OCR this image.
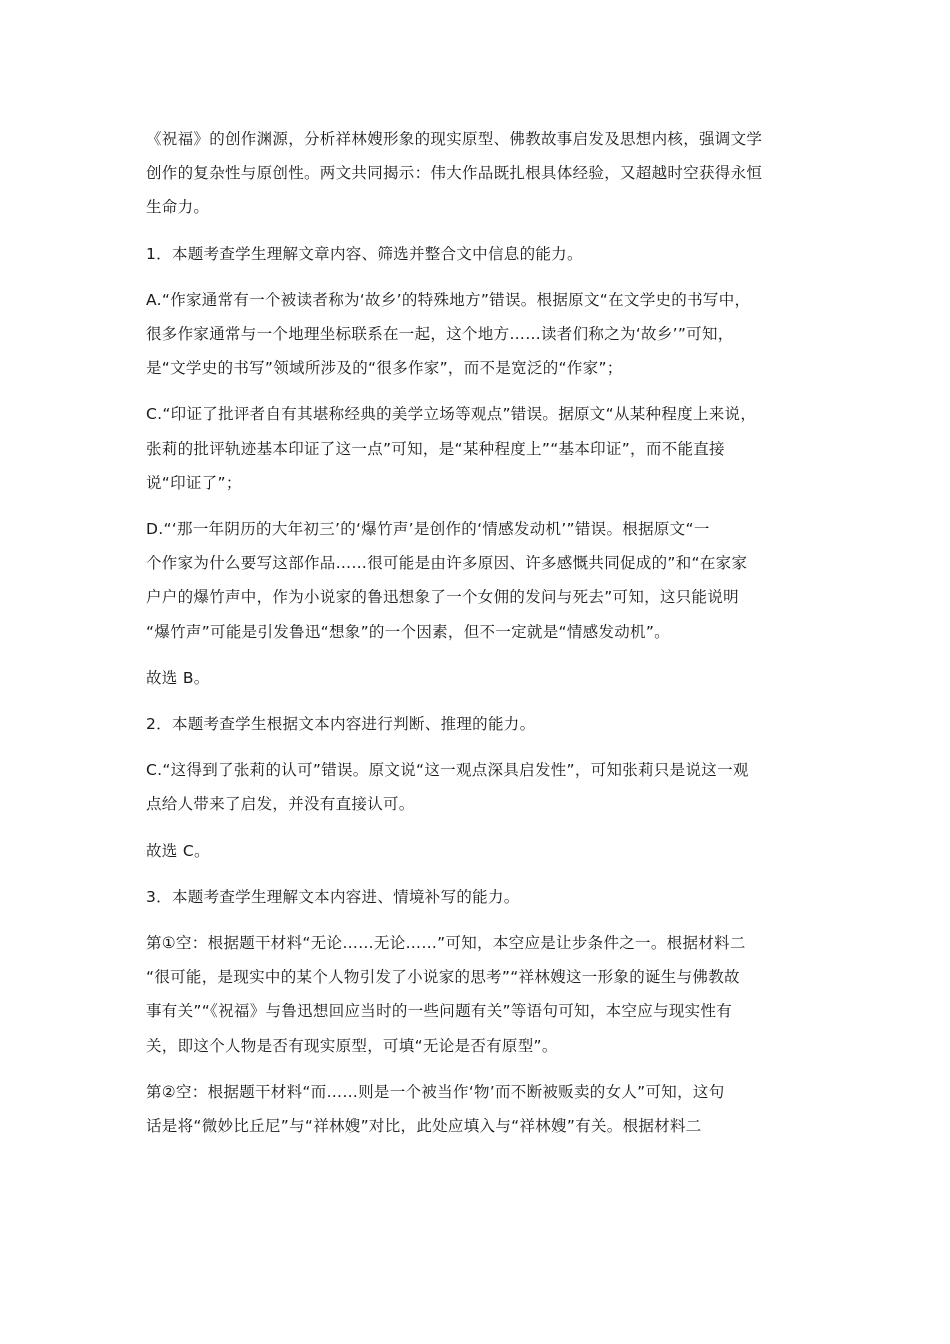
《祝福》的创作渊源，分析祥林嫂形象的现实原型、佛教故事启发及思想内核，强调文学
创作的复杂性与原创性。两文共同揭示：伟大作品既扎根具体经验，又超越时空获得永恒
生命力。

1．本题考查学生理解文章内容、筛选并整合文中信息的能力。

A.“作家通常有一个被读者称为‘故乡’的特殊地方”错误。根据原文“在文学史的书写中，
很多作家通常与一个地理坐标联系在一起，这个地方……读者们称之为‘故乡’”可知，
是“文学史的书写”领域所涉及的“很多作家”，而不是宽泛的“作家”；

C.“印证了批评者自有其堪称经典的美学立场等观点”错误。据原文“从某种程度上来说，
张莉的批评轨迹基本印证了这一点”可知，是“某种程度上”“基本印证”，而不能直接
说“印证了”；

D.“‘那一年阴历的大年初三’的‘爆竹声’是创作的‘情感发动机’”错误。根据原文“一
个作家为什么要写这部作品……很可能是由许多原因、许多感慨共同促成的”和“在家家
户户的爆竹声中，作为小说家的鲁迅想象了一个女佣的发问与死去”可知，这只能说明
“爆竹声”可能是引发鲁迅“想象”的一个因素，但不一定就是“情感发动机”。

故选 B。

2．本题考查学生根据文本内容进行判断、推理的能力。

C.“这得到了张莉的认可”错误。原文说“这一观点深具启发性”，可知张莉只是说这一观
点给人带来了启发，并没有直接认可。

故选 C。

3．本题考查学生理解文本内容进、情境补写的能力。

第①空：根据题干材料“无论……无论……”可知，本空应是让步条件之一。根据材料二
“很可能，是现实中的某个人物引发了小说家的思考”“祥林嫂这一形象的诞生与佛教故
事有关”“《祝福》与鲁迅想回应当时的一些问题有关”等语句可知，本空应与现实性有
关，即这个人物是否有现实原型，可填“无论是否有原型”。

第②空：根据题干材料“而……则是一个被当作‘物’而不断被贩卖的女人”可知，这句
话是将“微妙比丘尼”与“祥林嫂”对比，此处应填入与“祥林嫂”有关。根据材料二
